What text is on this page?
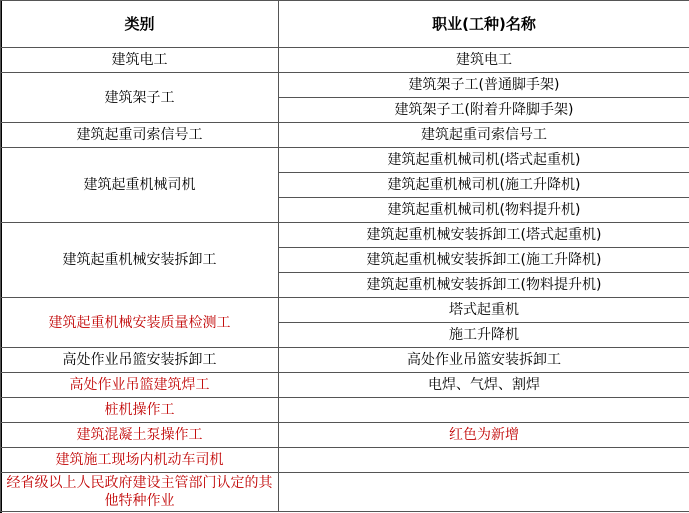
类别	职业(工种)名称
建筑电工	建筑电工
建筑架子工	建筑架子工(普通脚手架)
	建筑架子工(附着升降脚手架)
建筑起重司索信号工	建筑起重司索信号工
建筑起重机械司机	建筑起重机械司机(塔式起重机)
	建筑起重机械司机(施工升降机)
	建筑起重机械司机(物料提升机)
建筑起重机械安装拆卸工	建筑起重机械安装拆卸工(塔式起重机)
	建筑起重机械安装拆卸工(施工升降机)
	建筑起重机械安装拆卸工(物料提升机)
建筑起重机械安装质量检测工	塔式起重机
	施工升降机
高处作业吊篮安装拆卸工	高处作业吊篮安装拆卸工
高处作业吊篮建筑焊工	电焊、气焊、割焊
桩机操作工	
建筑混凝土泵操作工	红色为新增
建筑施工现场内机动车司机	
经省级以上人民政府建设主管部门认定的其他特种作业	
